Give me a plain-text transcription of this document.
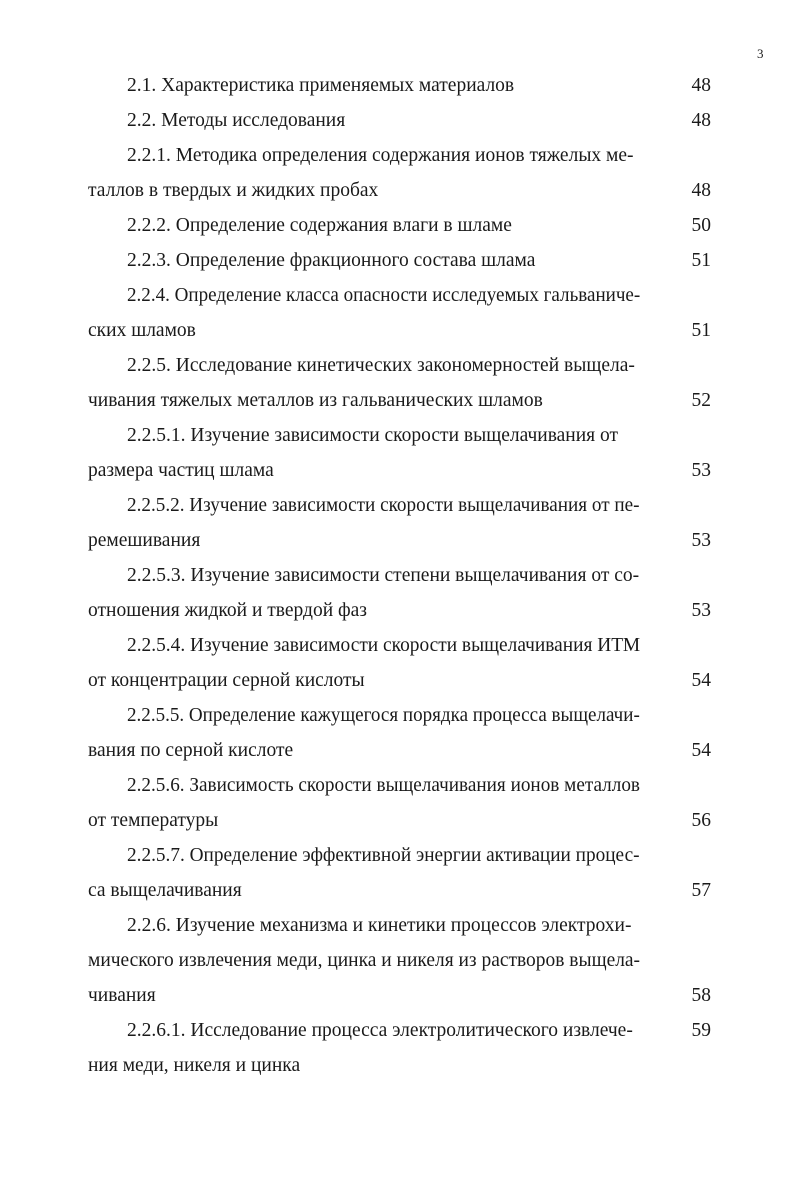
3
2.1. Характеристика применяемых материалов	48
2.2. Методы исследования	48
2.2.1. Методика определения содержания ионов тяжелых ме-
таллов в твердых и жидких пробах	48
2.2.2. Определение содержания влаги в шламе	50
2.2.3. Определение фракционного состава шлама	51
2.2.4. Определение класса опасности исследуемых гальваниче-
ских шламов	51
2.2.5. Исследование кинетических закономерностей выщела-
чивания тяжелых металлов из гальванических шламов	52
2.2.5.1. Изучение зависимости скорости выщелачивания от
размера частиц шлама	53
2.2.5.2. Изучение зависимости скорости выщелачивания от пе-
ремешивания	53
2.2.5.3. Изучение зависимости степени выщелачивания от со-
отношения жидкой и твердой фаз	53
2.2.5.4. Изучение зависимости скорости выщелачивания ИТМ
от концентрации серной кислоты	54
2.2.5.5. Определение кажущегося порядка процесса выщелачи-
вания по серной кислоте	54
2.2.5.6. Зависимость скорости выщелачивания ионов металлов
от температуры	56
2.2.5.7. Определение эффективной энергии активации процес-
са выщелачивания	57
2.2.6. Изучение механизма и кинетики процессов электрохи-
мического извлечения меди, цинка и никеля из растворов выщела-
чивания	58
2.2.6.1. Исследование процесса электролитического извлече-	59
ния меди, никеля и цинка
